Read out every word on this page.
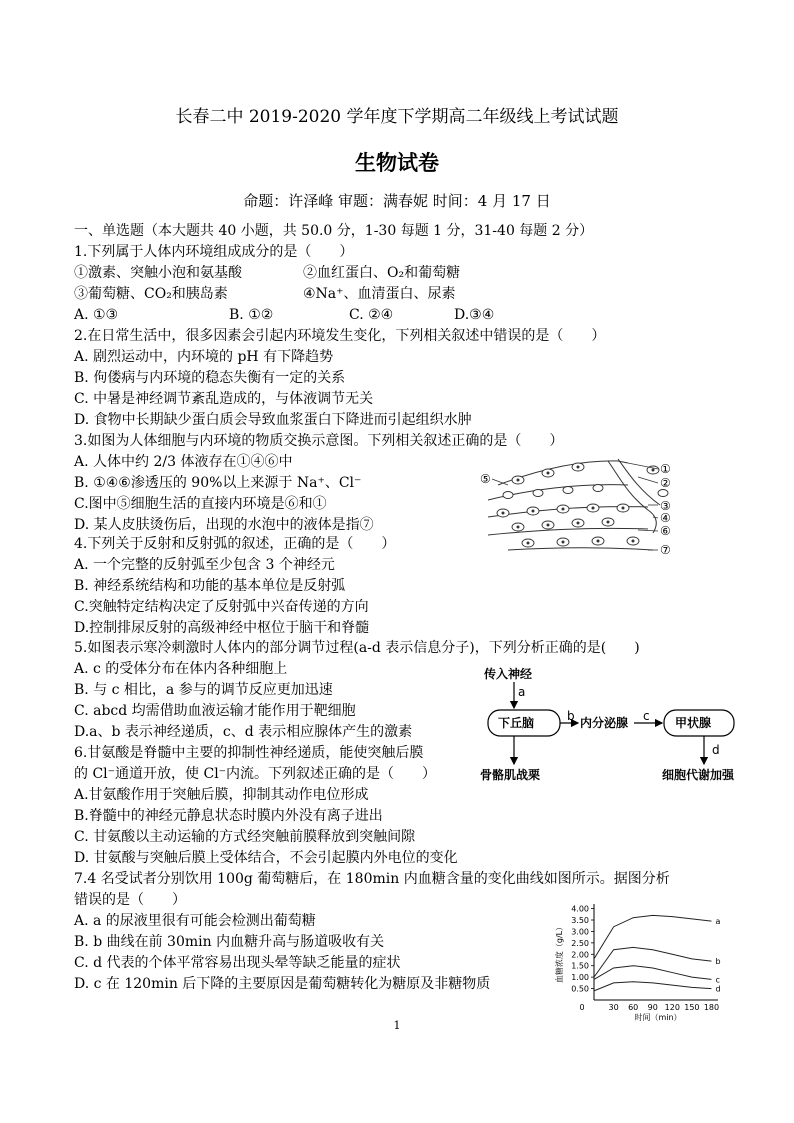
长春二中 2019-2020 学年度下学期高二年级线上考试试题
生物试卷
命题：许泽峰 审题：满春妮 时间：4 月 17 日
一、单选题（本大题共 40 小题，共 50.0 分，1-30 每题 1 分，31-40 每题 2 分）
1.下列属于人体内环境组成成分的是（　　）
①激素、突触小泡和氨基酸	②血红蛋白、O₂和葡萄糖
③葡萄糖、CO₂和胰岛素	④Na⁺、血清蛋白、尿素
A. ①③	B. ①②	C. ②④	D.③④
2.在日常生活中，很多因素会引起内环境发生变化，下列相关叙述中错误的是（　　）
A. 剧烈运动中，内环境的 pH 有下降趋势
B. 佝偻病与内环境的稳态失衡有一定的关系
C. 中暑是神经调节紊乱造成的，与体液调节无关
D. 食物中长期缺少蛋白质会导致血浆蛋白下降进而引起组织水肿
3.如图为人体细胞与内环境的物质交换示意图。下列相关叙述正确的是（　　）
A. 人体中约 2/3 体液存在①④⑥中
B. ①④⑥渗透压的 90%以上来源于 Na⁺、Cl⁻
C.图中⑤细胞生活的直接内环境是⑥和①
D. 某人皮肤烫伤后，出现的水泡中的液体是指⑦
⑤
①
②
③
④
⑥
⑦
4.下列关于反射和反射弧的叙述，正确的是（　　）
A. 一个完整的反射弧至少包含 3 个神经元
B. 神经系统结构和功能的基本单位是反射弧
C.突触特定结构决定了反射弧中兴奋传递的方向
D.控制排尿反射的高级神经中枢位于脑干和脊髓
5.如图表示寒冷刺激时人体内的部分调节过程(a-d 表示信息分子)，下列分析正确的是(　　)
A. c 的受体分布在体内各种细胞上
B. 与 c 相比，a 参与的调节反应更加迅速
C. abcd 均需借助血液运输才能作用于靶细胞
D.a、b 表示神经递质，c、d 表示相应腺体产生的激素
传入神经
a
下丘脑	b 内分泌腺 c 甲状腺
d
骨骼肌战栗	细胞代谢加强
6.甘氨酸是脊髓中主要的抑制性神经递质，能使突触后膜
的 Cl⁻通道开放，使 Cl⁻内流。下列叙述正确的是（　　）
A.甘氨酸作用于突触后膜，抑制其动作电位形成
B.脊髓中的神经元静息状态时膜内外没有离子进出
C. 甘氨酸以主动运输的方式经突触前膜释放到突触间隙
D. 甘氨酸与突触后膜上受体结合，不会引起膜内外电位的变化
7.4 名受试者分别饮用 100g 葡萄糖后，在 180min 内血糖含量的变化曲线如图所示。据图分析
错误的是（　　）
A. a 的尿液里很有可能会检测出葡萄糖
B. b 曲线在前 30min 内血糖升高与肠道吸收有关
C. d 代表的个体平常容易出现头晕等缺乏能量的症状
D. c 在 120min 后下降的主要原因是葡萄糖转化为糖原及非糖物质
血糖浓度（g/L）
时间（min）
0.50
1.00
1.50
2.00
2.50
3.00
3.50
4.00
0	30 60 90 120 150 180
a
b
c
d
1
